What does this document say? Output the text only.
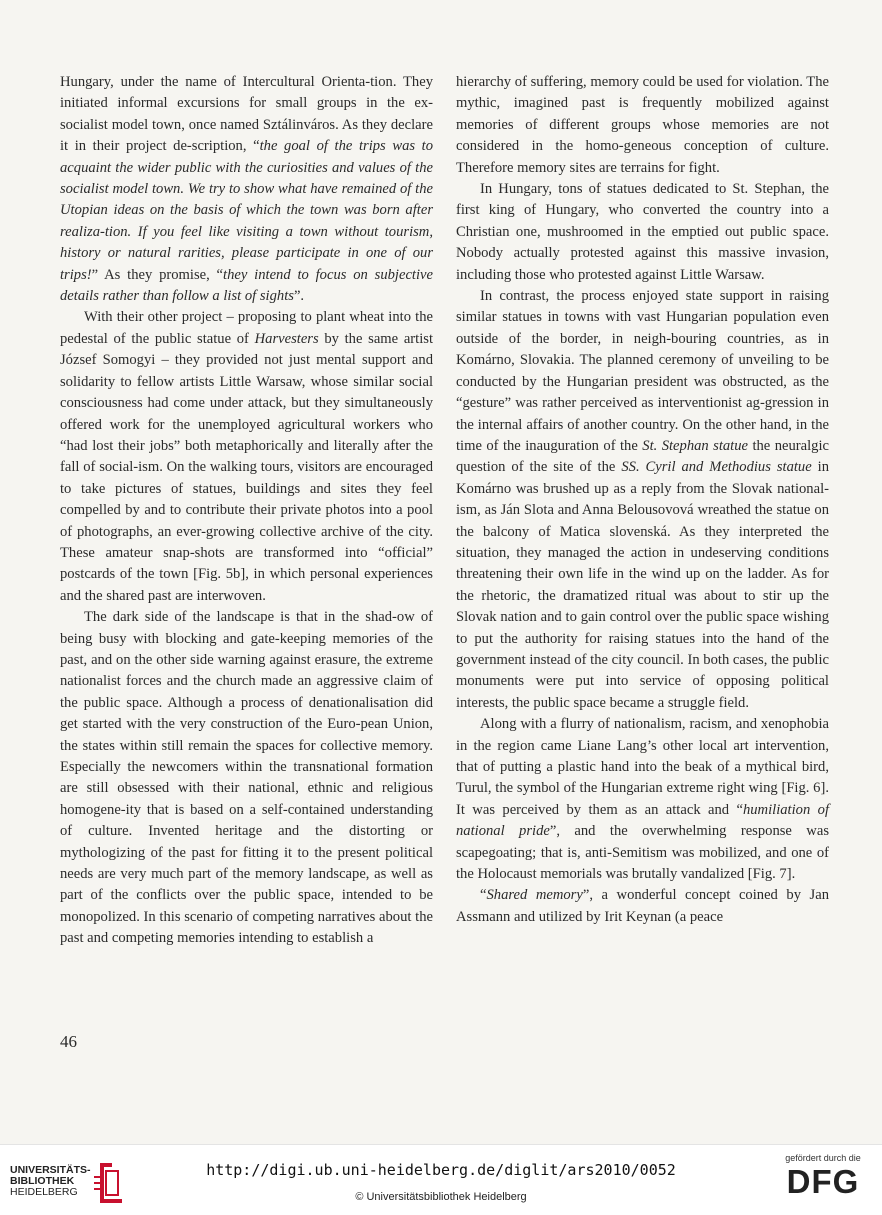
Hungary, under the name of Intercultural Orienta-tion. They initiated informal excursions for small groups in the ex-socialist model town, once named Sztálinváros. As they declare it in their project de-scription, “the goal of the trips was to acquaint the wider public with the curiosities and values of the socialist model town. We try to show what have remained of the Utopian ideas on the basis of which the town was born after realiza-tion. If you feel like visiting a town without tourism, history or natural rarities, please participate in one of our trips!” As they promise, “they intend to focus on subjective details rather than follow a list of sights”.

With their other project – proposing to plant wheat into the pedestal of the public statue of Harvesters by the same artist József Somogyi – they provided not just mental support and solidarity to fellow artists Little Warsaw, whose similar social consciousness had come under attack, but they simultaneously offered work for the unemployed agricultural workers who “had lost their jobs” both metaphorically and literally after the fall of social-ism. On the walking tours, visitors are encouraged to take pictures of statues, buildings and sites they feel compelled by and to contribute their private photos into a pool of photographs, an ever-growing collective archive of the city. These amateur snap-shots are transformed into “official” postcards of the town [Fig. 5b], in which personal experiences and the shared past are interwoven.

The dark side of the landscape is that in the shad-ow of being busy with blocking and gate-keeping memories of the past, and on the other side warning against erasure, the extreme nationalist forces and the church made an aggressive claim of the public space. Although a process of denationalisation did get started with the very construction of the Euro-pean Union, the states within still remain the spaces for collective memory. Especially the newcomers within the transnational formation are still obsessed with their national, ethnic and religious homogene-ity that is based on a self-contained understanding of culture. Invented heritage and the distorting or mythologizing of the past for fitting it to the present political needs are very much part of the memory landscape, as well as part of the conflicts over the public space, intended to be monopolized. In this scenario of competing narratives about the past and competing memories intending to establish a

hierarchy of suffering, memory could be used for violation. The mythic, imagined past is frequently mobilized against memories of different groups whose memories are not considered in the homo-geneous conception of culture. Therefore memory sites are terrains for fight.

In Hungary, tons of statues dedicated to St. Stephan, the first king of Hungary, who converted the country into a Christian one, mushroomed in the emptied out public space. Nobody actually protested against this massive invasion, including those who protested against Little Warsaw.

In contrast, the process enjoyed state support in raising similar statues in towns with vast Hungarian population even outside of the border, in neigh-bouring countries, as in Komárno, Slovakia. The planned ceremony of unveiling to be conducted by the Hungarian president was obstructed, as the “gesture” was rather perceived as interventionist ag-gression in the internal affairs of another country. On the other hand, in the time of the inauguration of the St. Stephan statue the neuralgic question of the site of the SS. Cyril and Methodius statue in Komárno was brushed up as a reply from the Slovak national-ism, as Ján Slota and Anna Belousovová wreathed the statue on the balcony of Matica slovenská. As they interpreted the situation, they managed the action in undeserving conditions threatening their own life in the wind up on the ladder. As for the rhetoric, the dramatized ritual was about to stir up the Slovak nation and to gain control over the public space wishing to put the authority for raising statues into the hand of the government instead of the city council. In both cases, the public monuments were put into service of opposing political interests, the public space became a struggle field.

Along with a flurry of nationalism, racism, and xenophobia in the region came Liane Lang’s other local art intervention, that of putting a plastic hand into the beak of a mythical bird, Turul, the symbol of the Hungarian extreme right wing [Fig. 6]. It was perceived by them as an attack and “humiliation of national pride”, and the overwhelming response was scapegoating; that is, anti-Semitism was mobilized, and one of the Holocaust memorials was brutally vandalized [Fig. 7].

“Shared memory”, a wonderful concept coined by Jan Assmann and utilized by Irit Keynan (a peace

46
UNIVERSITÄTS-
BIBLIOTHEK
HEIDELBERG
http://digi.ub.uni-heidelberg.de/diglit/ars2010/0052
© Universitätsbibliothek Heidelberg
gefördert durch die
DFG
